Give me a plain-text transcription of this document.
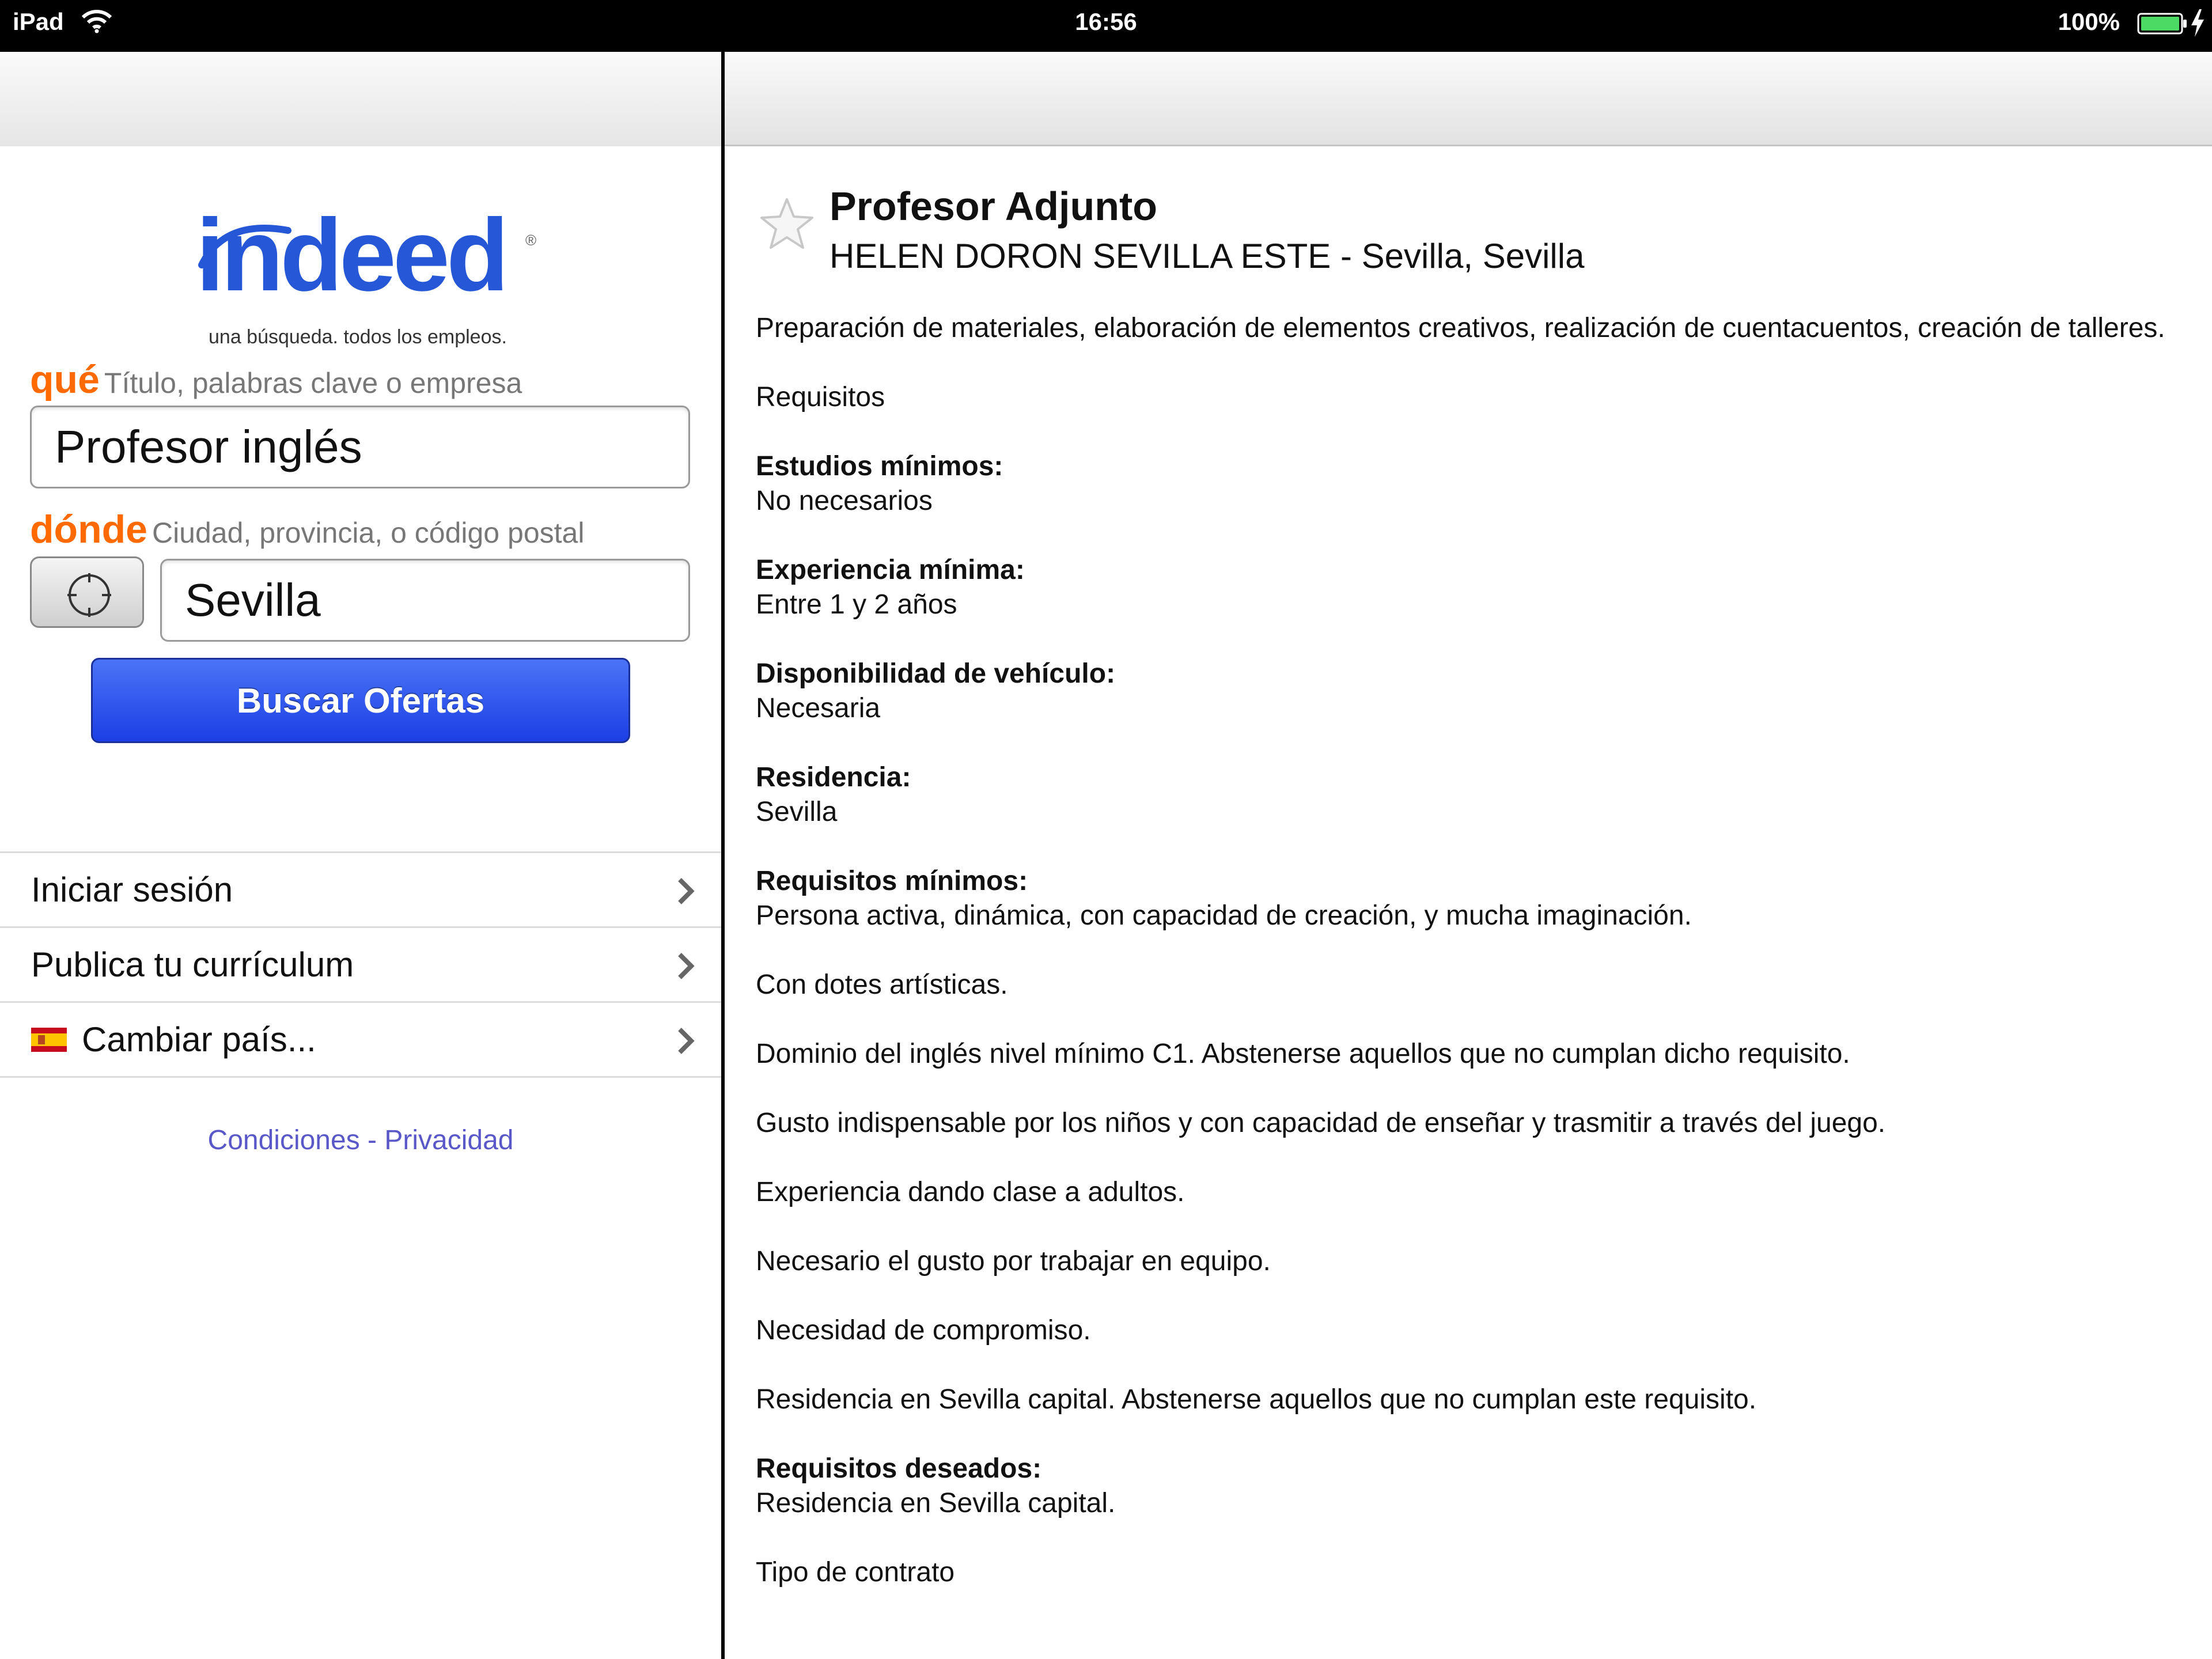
iPad	16:56	100%
indeed ®
una búsqueda. todos los empleos.
qué Título, palabras clave o empresa
Profesor inglés
dónde Ciudad, provincia, o código postal
Sevilla
Buscar Ofertas
Iniciar sesión
Publica tu currículum
Cambiar país...
Condiciones - Privacidad
Profesor Adjunto
HELEN DORON SEVILLA ESTE - Sevilla, Sevilla
Preparación de materiales, elaboración de elementos creativos, realización de cuentacuentos, creación de talleres.
Requisitos
Estudios mínimos:
No necesarios
Experiencia mínima:
Entre 1 y 2 años
Disponibilidad de vehículo:
Necesaria
Residencia:
Sevilla
Requisitos mínimos:
Persona activa, dinámica, con capacidad de creación, y mucha imaginación.
Con dotes artísticas.
Dominio del inglés nivel mínimo C1. Abstenerse aquellos que no cumplan dicho requisito.
Gusto indispensable por los niños y con capacidad de enseñar y trasmitir a través del juego.
Experiencia dando clase a adultos.
Necesario el gusto por trabajar en equipo.
Necesidad de compromiso.
Residencia en Sevilla capital. Abstenerse aquellos que no cumplan este requisito.
Requisitos deseados:
Residencia en Sevilla capital.
Tipo de contrato
